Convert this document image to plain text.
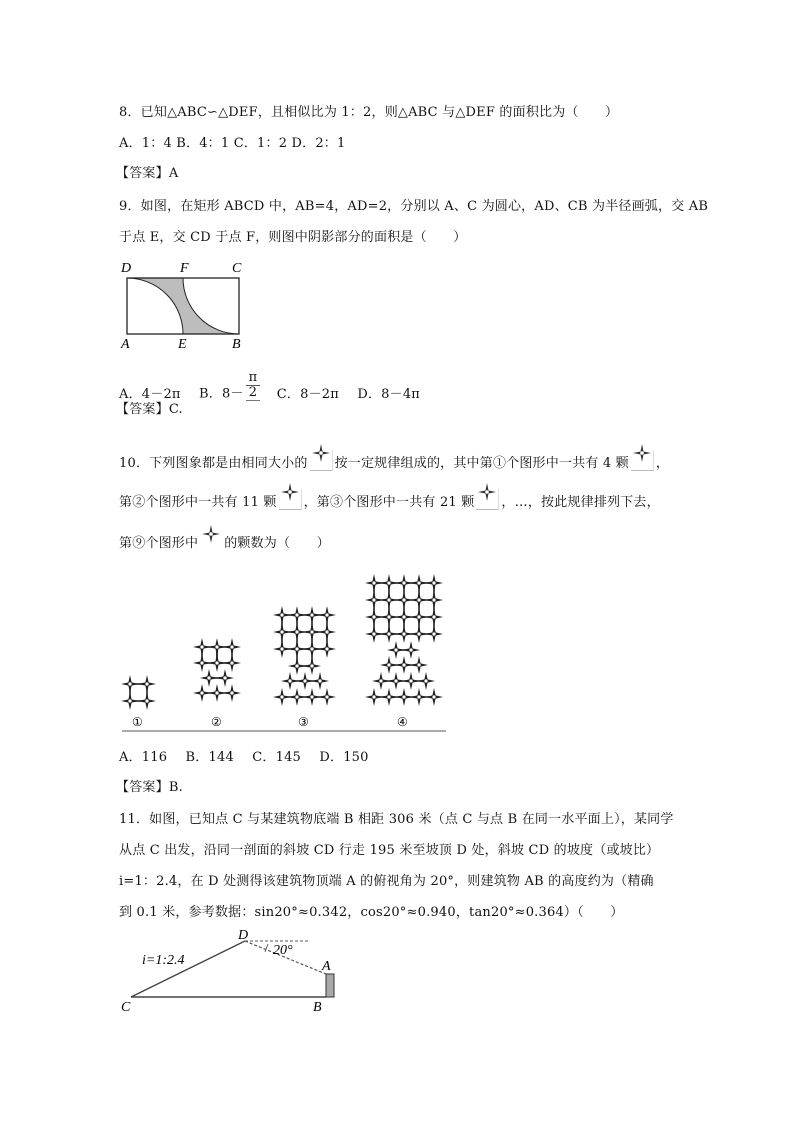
8．已知△ABC∽△DEF，且相似比为 1：2，则△ABC 与△DEF 的面积比为（　　）
A．1：4 B．4：1 C．1：2 D．2：1
【答案】A
9．如图，在矩形 ABCD 中，AB=4，AD=2，分别以 A、C 为圆心，AD、CB 为半径画弧，交 AB
于点 E，交 CD 于点 F，则图中阴影部分的面积是（　　）
D	F	C
A	E	B
A．4－2π B．$8- \frac{\pi}{2}$ C．8－2π D．8－4π
【答案】C.
10．下列图象都是由相同大小的 按一定规律组成的，其中第①个图形中一共有 4 颗 ，
第②个图形中一共有 11 颗 ，第③个图形中一共有 21 颗 ，…，按此规律排列下去，
第⑨个图形中 的颗数为（　　）
①	②	③	④
A．116 B．144 C．145 D．150
【答案】B.
11．如图，已知点 C 与某建筑物底端 B 相距 306 米（点 C 与点 B 在同一水平面上），某同学
从点 C 出发，沿同一剖面的斜坡 CD 行走 195 米至坡顶 D 处，斜坡 CD 的坡度（或坡比）
i=1：2.4，在 D 处测得该建筑物顶端 A 的俯视角为 20°，则建筑物 AB 的高度约为（精确
到 0.1 米，参考数据：sin20°≈0.342，cos20°≈0.940，tan20°≈0.364）（　　）
20°
i=1:2.4
D
A
C	B
